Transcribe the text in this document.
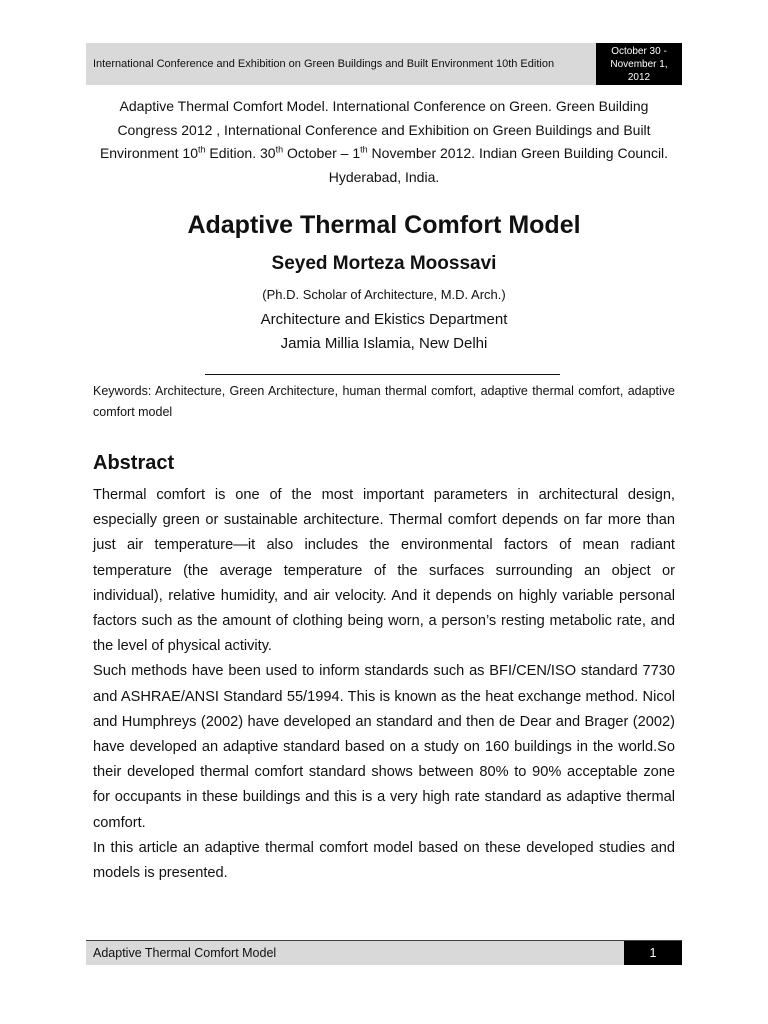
International Conference and Exhibition on Green Buildings and Built Environment 10th Edition
October 30 -
November 1,
2012
Adaptive Thermal Comfort Model. International Conference on Green. Green Building Congress 2012 , International Conference and Exhibition on Green Buildings and Built Environment 10th Edition. 30th October – 1th November 2012. Indian Green Building Council. Hyderabad, India.
Adaptive Thermal Comfort Model
Seyed Morteza Moossavi
(Ph.D. Scholar of Architecture, M.D. Arch.)
Architecture and Ekistics Department
Jamia Millia Islamia, New Delhi
Keywords: Architecture, Green Architecture, human thermal comfort, adaptive thermal comfort, adaptive comfort model
Abstract

Thermal comfort is one of the most important parameters in architectural design, especially green or sustainable architecture. Thermal comfort depends on far more than just air temperature—it also includes the environmental factors of mean radiant temperature (the average temperature of the surfaces surrounding an object or individual), relative humidity, and air velocity. And it depends on highly variable personal factors such as the amount of clothing being worn, a person’s resting metabolic rate, and the level of physical activity.

Such methods have been used to inform standards such as BFI/CEN/ISO standard 7730 and ASHRAE/ANSI Standard 55/1994. This is known as the heat exchange method. Nicol and Humphreys (2002) have developed an standard and then de Dear and Brager (2002) have developed an adaptive standard based on a study on 160 buildings in the world.So their developed thermal comfort standard shows between 80% to 90% acceptable zone for occupants in these buildings and this is a very high rate standard as adaptive thermal comfort.

In this article an adaptive thermal comfort model based on these developed studies and models is presented.

Adaptive Thermal Comfort Model	1
